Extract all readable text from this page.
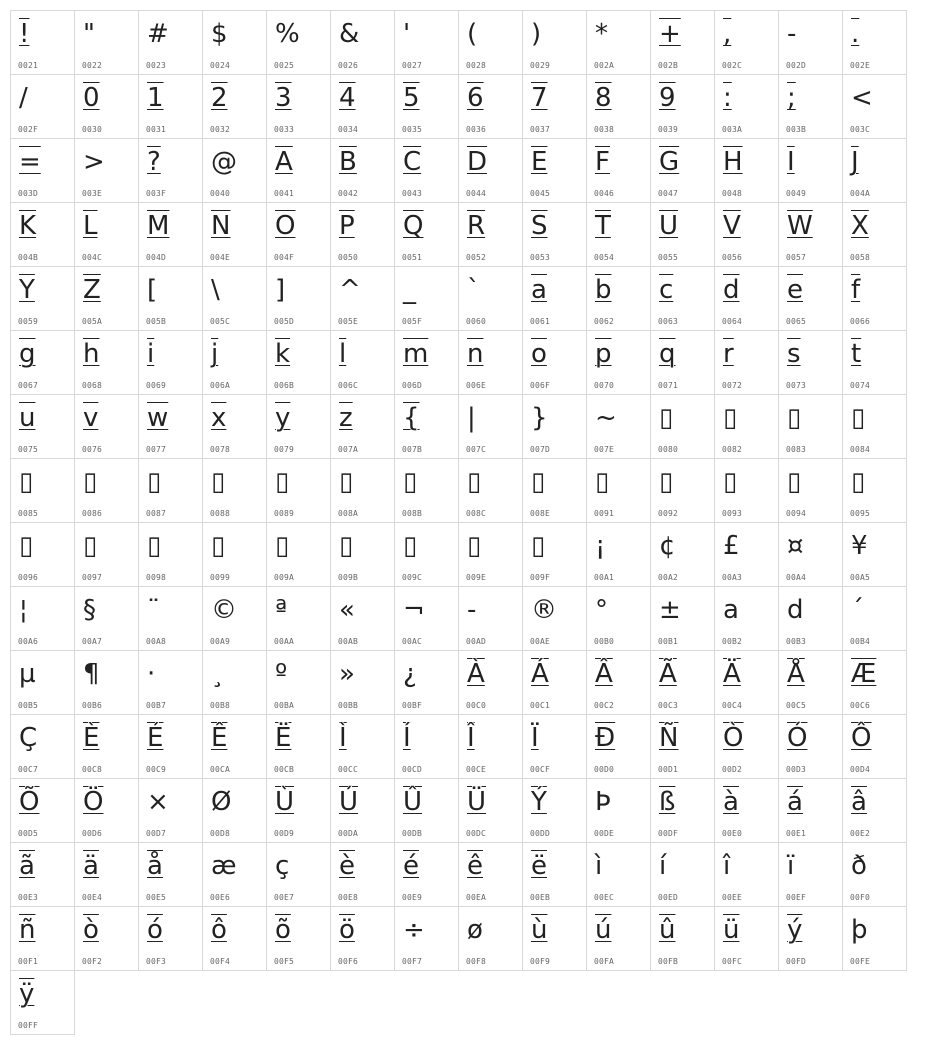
!
0021
"
0022
#
0023
$
0024
%
0025
&
0026
'
0027
(
0028
)
0029
*
002A
+
002B
,
002C
-
002D
.
002E
/
002F
0
0030
1
0031
2
0032
3
0033
4
0034
5
0035
6
0036
7
0037
8
0038
9
0039
:
003A
;
003B
<
003C
=
003D
>
003E
?
003F
@
0040
A
0041
B
0042
C
0043
D
0044
E
0045
F
0046
G
0047
H
0048
I
0049
J
004A
K
004B
L
004C
M
004D
N
004E
O
004F
P
0050
Q
0051
R
0052
S
0053
T
0054
U
0055
V
0056
W
0057
X
0058
Y
0059
Z
005A
[
005B
\
005C
]
005D
^
005E
_
005F
`
0060
a
0061
b
0062
c
0063
d
0064
e
0065
f
0066
g
0067
h
0068
i
0069
j
006A
k
006B
l
006C
m
006D
n
006E
o
006F
p
0070
q
0071
r
0072
s
0073
t
0074
u
0075
v
0076
w
0077
x
0078
y
0079
z
007A
{
007B
|
007C
}
007D
~
007E
▯
0080
▯
0082
▯
0083
▯
0084
▯
0085
▯
0086
▯
0087
▯
0088
▯
0089
▯
008A
▯
008B
▯
008C
▯
008E
▯
0091
▯
0092
▯
0093
▯
0094
▯
0095
▯
0096
▯
0097
▯
0098
▯
0099
▯
009A
▯
009B
▯
009C
▯
009E
▯
009F
¡
00A1
¢
00A2
£
00A3
¤
00A4
¥
00A5
¦
00A6
§
00A7
¨
00A8
©
00A9
ª
00AA
«
00AB
¬
00AC
-
00AD
®
00AE
°
00B0
±
00B1
a
00B2
d
00B3
´
00B4
µ
00B5
¶
00B6
·
00B7
¸
00B8
º
00BA
»
00BB
¿
00BF
À
00C0
Á
00C1
Â
00C2
Ã
00C3
Ä
00C4
Å
00C5
Æ
00C6
Ç
00C7
È
00C8
É
00C9
Ê
00CA
Ë
00CB
Ì
00CC
Í
00CD
Î
00CE
Ï
00CF
Ð
00D0
Ñ
00D1
Ò
00D2
Ó
00D3
Ô
00D4
Õ
00D5
Ö
00D6
×
00D7
Ø
00D8
Ù
00D9
Ú
00DA
Û
00DB
Ü
00DC
Ý
00DD
Þ
00DE
ß
00DF
à
00E0
á
00E1
â
00E2
ã
00E3
ä
00E4
å
00E5
æ
00E6
ç
00E7
è
00E8
é
00E9
ê
00EA
ë
00EB
ì
00EC
í
00ED
î
00EE
ï
00EF
ð
00F0
ñ
00F1
ò
00F2
ó
00F3
ô
00F4
õ
00F5
ö
00F6
÷
00F7
ø
00F8
ù
00F9
ú
00FA
û
00FB
ü
00FC
ý
00FD
þ
00FE
ÿ
00FF
